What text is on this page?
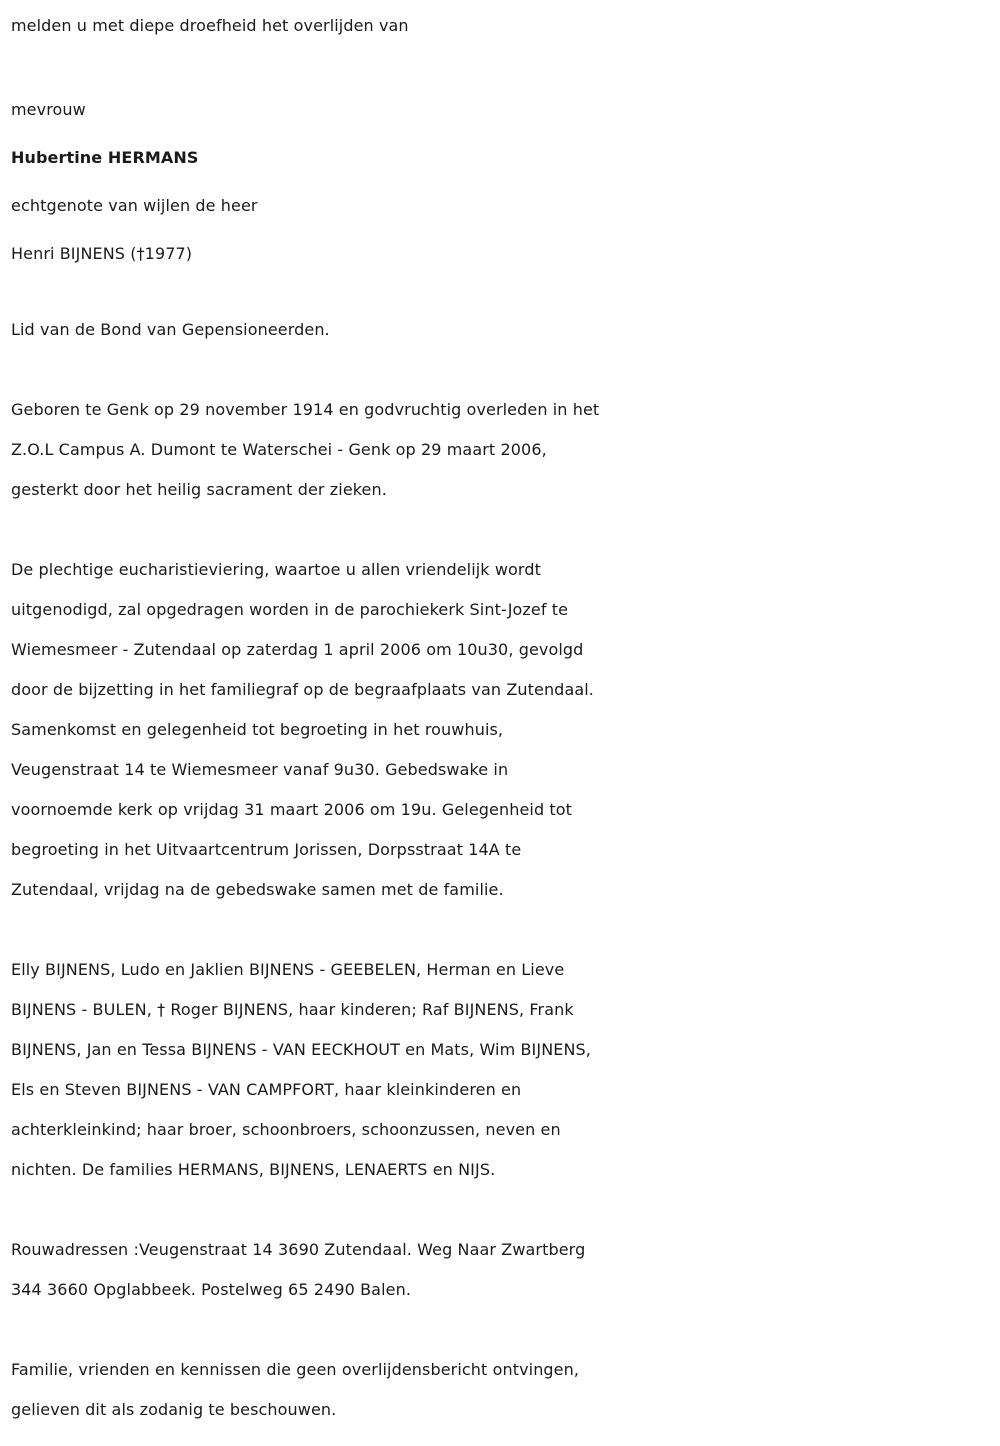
melden u met diepe droefheid het overlijden van
mevrouw
Hubertine HERMANS
echtgenote van wijlen de heer
Henri BIJNENS (†1977)
Lid van de Bond van Gepensioneerden.
Geboren te Genk op 29 november 1914 en godvruchtig overleden in het
Z.O.L Campus A. Dumont te Waterschei - Genk op 29 maart 2006,
gesterkt door het heilig sacrament der zieken.
De plechtige eucharistieviering, waartoe u allen vriendelijk wordt
uitgenodigd, zal opgedragen worden in de parochiekerk Sint-Jozef te
Wiemesmeer - Zutendaal op zaterdag 1 april 2006 om 10u30, gevolgd
door de bijzetting in het familiegraf op de begraafplaats van Zutendaal.
Samenkomst en gelegenheid tot begroeting in het rouwhuis,
Veugenstraat 14 te Wiemesmeer vanaf 9u30. Gebedswake in
voornoemde kerk op vrijdag 31 maart 2006 om 19u. Gelegenheid tot
begroeting in het Uitvaartcentrum Jorissen, Dorpsstraat 14A te
Zutendaal, vrijdag na de gebedswake samen met de familie.
Elly BIJNENS, Ludo en Jaklien BIJNENS - GEEBELEN, Herman en Lieve
BIJNENS - BULEN, † Roger BIJNENS, haar kinderen; Raf BIJNENS, Frank
BIJNENS, Jan en Tessa BIJNENS - VAN EECKHOUT en Mats, Wim BIJNENS,
Els en Steven BIJNENS - VAN CAMPFORT, haar kleinkinderen en
achterkleinkind; haar broer, schoonbroers, schoonzussen, neven en
nichten. De families HERMANS, BIJNENS, LENAERTS en NIJS.
Rouwadressen :Veugenstraat 14 3690 Zutendaal. Weg Naar Zwartberg
344 3660 Opglabbeek. Postelweg 65 2490 Balen.
Familie, vrienden en kennissen die geen overlijdensbericht ontvingen,
gelieven dit als zodanig te beschouwen.
